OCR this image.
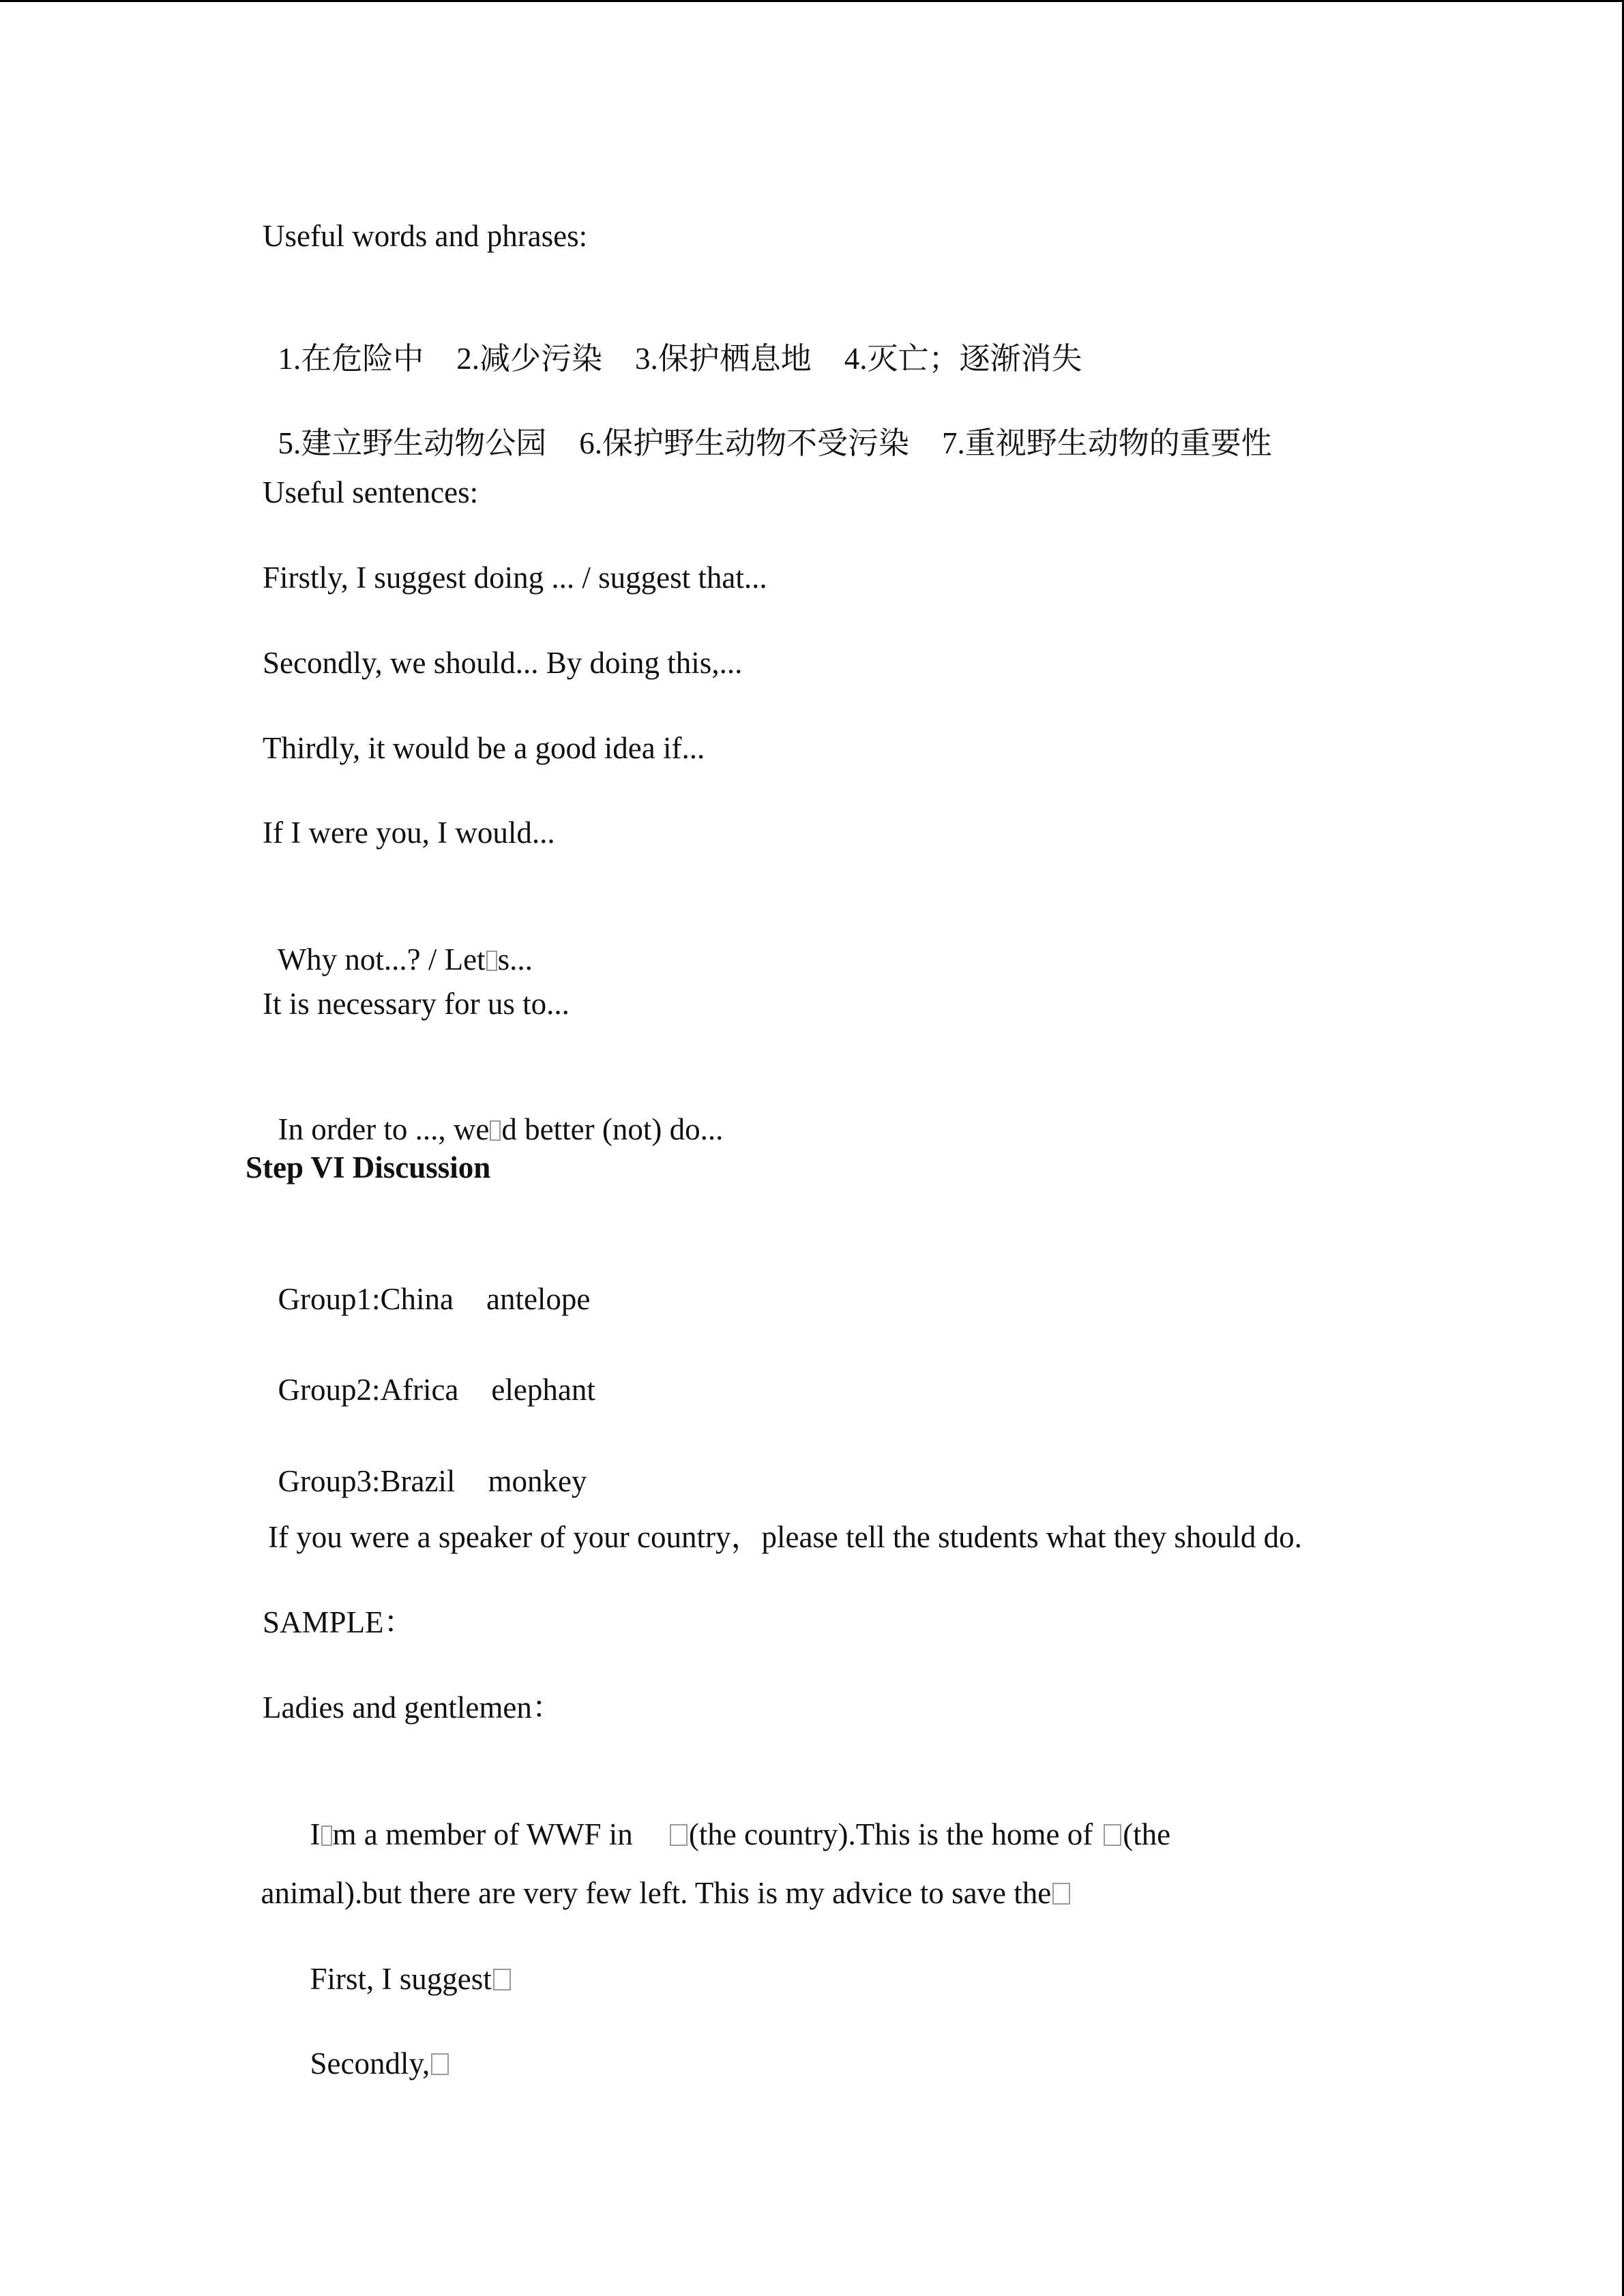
Useful words and phrases:

1.在危险中 2.减少污染 3.保护栖息地 4.灭亡；逐渐消失

5.建立野生动物公园 6.保护野生动物不受污染 7.重视野生动物的重要性

Useful sentences:
Firstly, I suggest doing ... / suggest that...
Secondly, we should... By doing this,...
Thirdly, it would be a good idea if...
If I were you, I would...

Why not...? / Let s...

It is necessary for us to...

In order to ..., we d better (not) do...

Step VI Discussion

Group1:China antelope

Group2:Africa elephant

Group3:Brazil monkey

If you were a speaker of your country，please tell the students what they should do.
SAMPLE：
Ladies and gentlemen：

I m a member of WWF in (the country).This is the home of (the

animal).but there are very few left. This is my advice to save the

First, I suggest

Secondly,
